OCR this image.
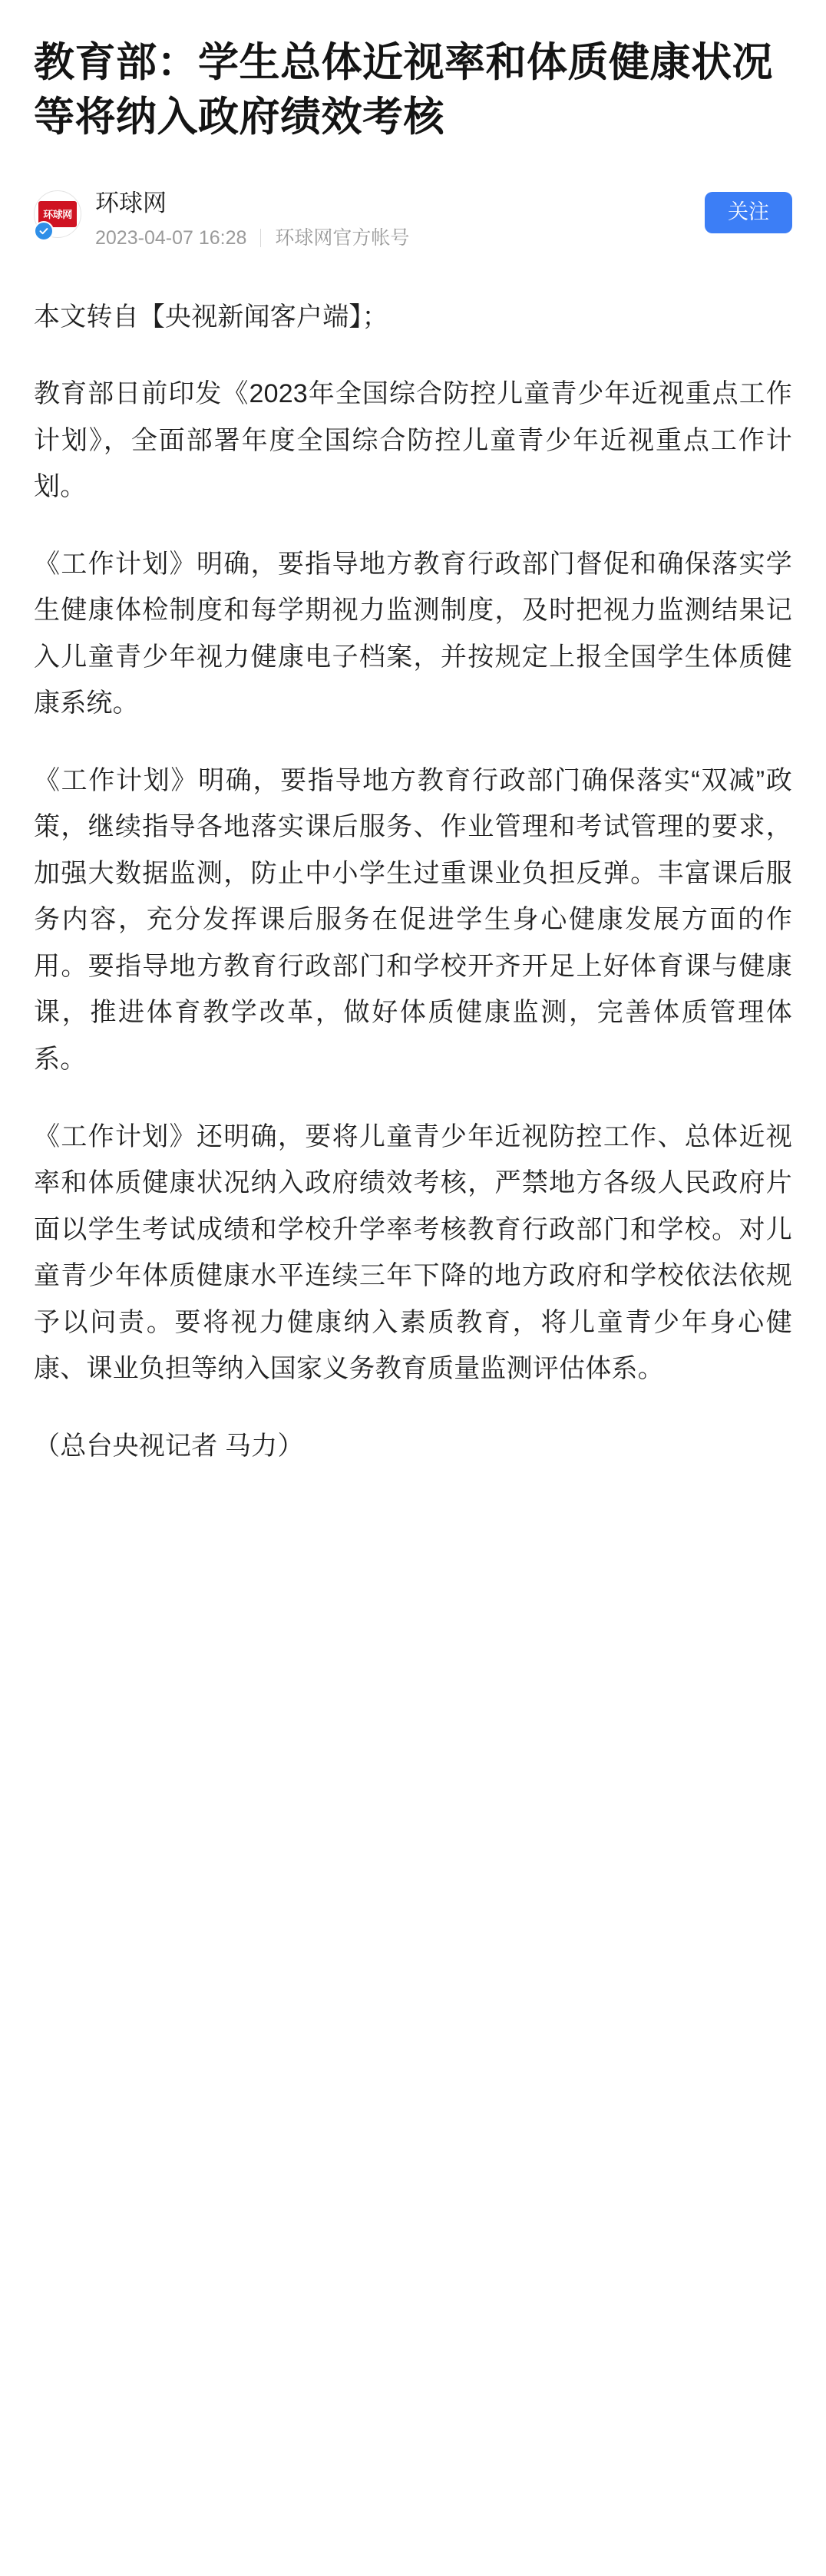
教育部：学生总体近视率和体质健康状况等将纳入政府绩效考核
环球网 环球网
2023-04-07 16:28 环球网官方帐号
关注

本文转自【央视新闻客户端】；

教育部日前印发《2023年全国综合防控儿童青少年近视重点工作计划》，全面部署年度全国综合防控儿童青少年近视重点工作计划。

《工作计划》明确，要指导地方教育行政部门督促和确保落实学生健康体检制度和每学期视力监测制度，及时把视力监测结果记入儿童青少年视力健康电子档案，并按规定上报全国学生体质健康系统。

《工作计划》明确，要指导地方教育行政部门确保落实“双减”政策，继续指导各地落实课后服务、作业管理和考试管理的要求，加强大数据监测，防止中小学生过重课业负担反弹。丰富课后服务内容，充分发挥课后服务在促进学生身心健康发展方面的作用。要指导地方教育行政部门和学校开齐开足上好体育课与健康课，推进体育教学改革，做好体质健康监测，完善体质管理体系。

《工作计划》还明确，要将儿童青少年近视防控工作、总体近视率和体质健康状况纳入政府绩效考核，严禁地方各级人民政府片面以学生考试成绩和学校升学率考核教育行政部门和学校。对儿童青少年体质健康水平连续三年下降的地方政府和学校依法依规予以问责。要将视力健康纳入素质教育，将儿童青少年身心健康、课业负担等纳入国家义务教育质量监测评估体系。

（总台央视记者 马力）
